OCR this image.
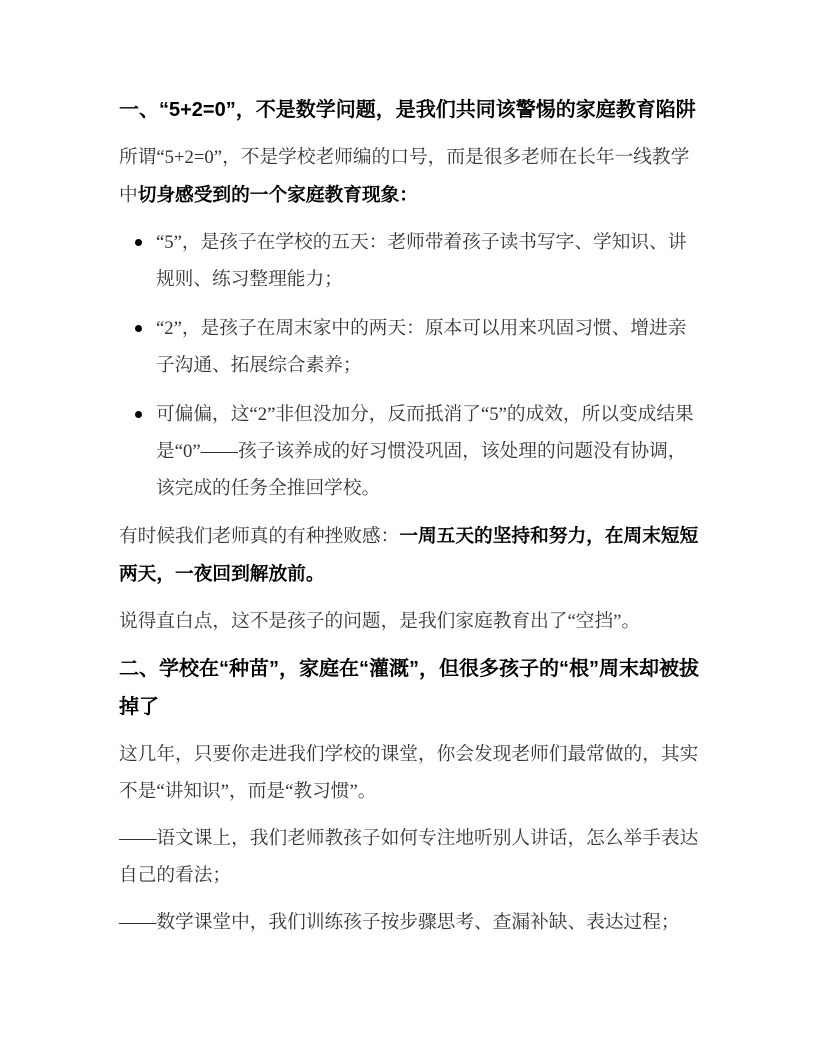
一、“5+2=0”，不是数学问题，是我们共同该警惕的家庭教育陷阱

所谓“5+2=0”，不是学校老师编的口号，而是很多老师在长年一线教学中切身感受到的一个家庭教育现象：

“5”，是孩子在学校的五天：老师带着孩子读书写字、学知识、讲规则、练习整理能力；
“2”，是孩子在周末家中的两天：原本可以用来巩固习惯、增进亲子沟通、拓展综合素养；
可偏偏，这“2”非但没加分，反而抵消了“5”的成效，所以变成结果是“0”——孩子该养成的好习惯没巩固，该处理的问题没有协调，该完成的任务全推回学校。

有时候我们老师真的有种挫败感：一周五天的坚持和努力，在周末短短两天，一夜回到解放前。

说得直白点，这不是孩子的问题，是我们家庭教育出了“空挡”。

二、学校在“种苗”，家庭在“灌溉”，但很多孩子的“根”周末却被拔掉了

这几年，只要你走进我们学校的课堂，你会发现老师们最常做的，其实不是“讲知识”，而是“教习惯”。

——语文课上，我们老师教孩子如何专注地听别人讲话，怎么举手表达自己的看法；

——数学课堂中，我们训练孩子按步骤思考、查漏补缺、表达过程；
